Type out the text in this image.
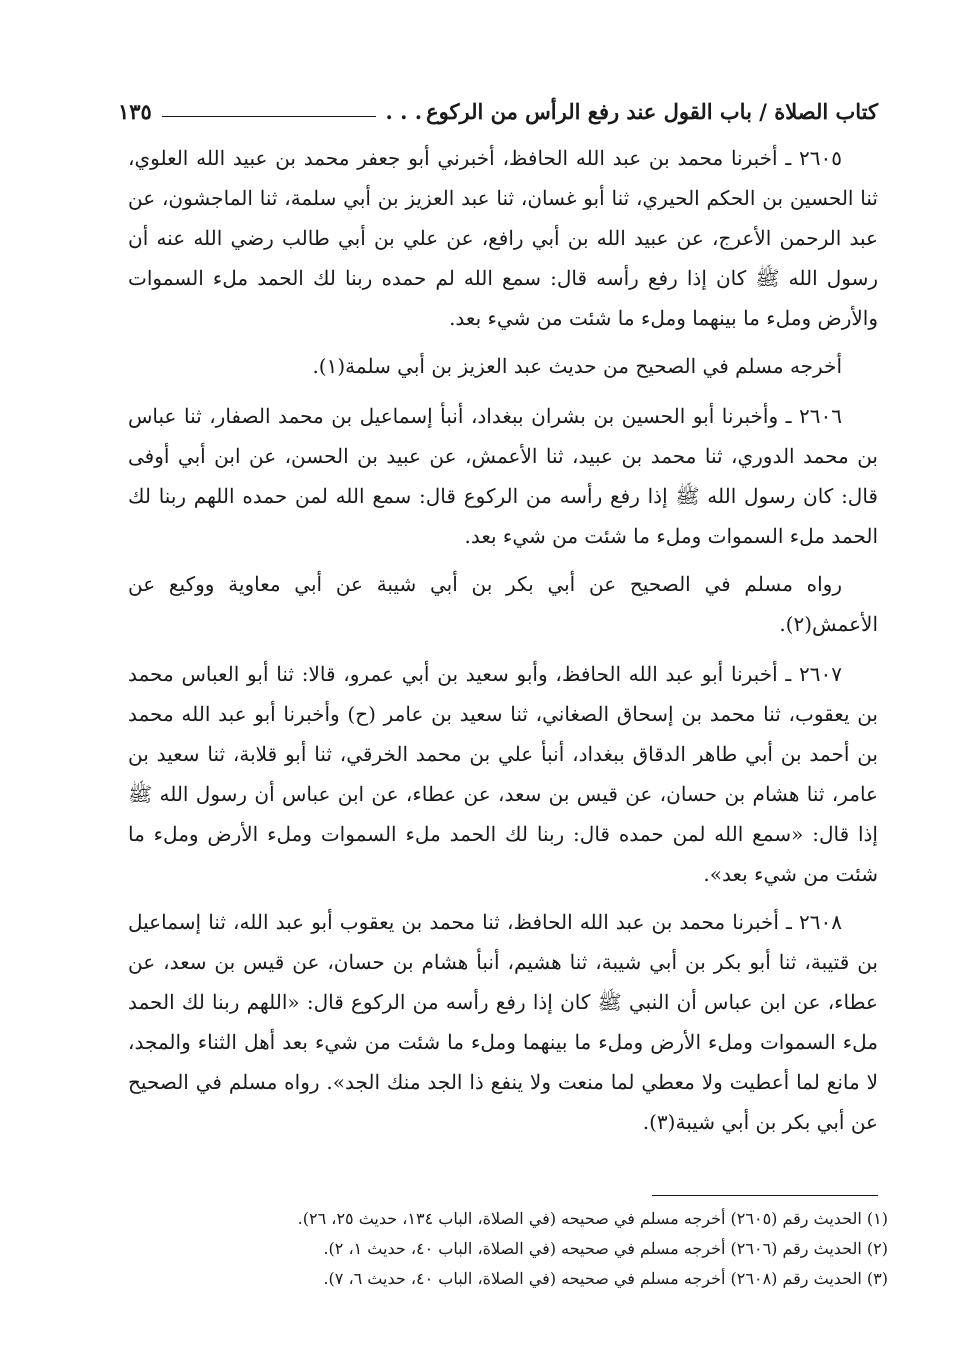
كتاب الصلاة / باب القول عند رفع الرأس من الركوع
. . .
١٣٥

٢٦٠٥ ـ أخبرنا محمد بن عبد الله الحافظ، أخبرني أبو جعفر محمد بن عبيد الله العلوي، ثنا الحسين بن الحكم الحيري، ثنا أبو غسان، ثنا عبد العزيز بن أبي سلمة، ثنا الماجشون، عن عبد الرحمن الأعرج، عن عبيد الله بن أبي رافع، عن علي بن أبي طالب رضي الله عنه أن رسول الله ﷺ كان إذا رفع رأسه قال: سمع الله لم حمده ربنا لك الحمد ملء السموات والأرض وملء ما بينهما وملء ما شئت من شيء بعد.

أخرجه مسلم في الصحيح من حديث عبد العزيز بن أبي سلمة(١).

٢٦٠٦ ـ وأخبرنا أبو الحسين بن بشران ببغداد، أنبأ إسماعيل بن محمد الصفار، ثنا عباس بن محمد الدوري، ثنا محمد بن عبيد، ثنا الأعمش، عن عبيد بن الحسن، عن ابن أبي أوفى قال: كان رسول الله ﷺ إذا رفع رأسه من الركوع قال: سمع الله لمن حمده اللهم ربنا لك الحمد ملء السموات وملء ما شئت من شيء بعد.

رواه مسلم في الصحيح عن أبي بكر بن أبي شيبة عن أبي معاوية ووكيع عن الأعمش(٢).

٢٦٠٧ ـ أخبرنا أبو عبد الله الحافظ، وأبو سعيد بن أبي عمرو، قالا: ثنا أبو العباس محمد بن يعقوب، ثنا محمد بن إسحاق الصغاني، ثنا سعيد بن عامر (ح) وأخبرنا أبو عبد الله محمد بن أحمد بن أبي طاهر الدقاق ببغداد، أنبأ علي بن محمد الخرقي، ثنا أبو قلابة، ثنا سعيد بن عامر، ثنا هشام بن حسان، عن قيس بن سعد، عن عطاء، عن ابن عباس أن رسول الله ﷺ إذا قال: «سمع الله لمن حمده قال: ربنا لك الحمد ملء السموات وملء الأرض وملء ما شئت من شيء بعد».

٢٦٠٨ ـ أخبرنا محمد بن عبد الله الحافظ، ثنا محمد بن يعقوب أبو عبد الله، ثنا إسماعيل بن قتيبة، ثنا أبو بكر بن أبي شيبة، ثنا هشيم، أنبأ هشام بن حسان، عن قيس بن سعد، عن عطاء، عن ابن عباس أن النبي ﷺ كان إذا رفع رأسه من الركوع قال: «اللهم ربنا لك الحمد ملء السموات وملء الأرض وملء ما بينهما وملء ما شئت من شيء بعد أهل الثناء والمجد، لا مانع لما أعطيت ولا معطي لما منعت ولا ينفع ذا الجد منك الجد». رواه مسلم في الصحيح عن أبي بكر بن أبي شيبة(٣).

(١) الحديث رقم (٢٦٠٥) أخرجه مسلم في صحيحه (في الصلاة، الباب ١٣٤، حديث ٢٥، ٢٦).
(٢) الحديث رقم (٢٦٠٦) أخرجه مسلم في صحيحه (في الصلاة، الباب ٤٠، حديث ١، ٢).
(٣) الحديث رقم (٢٦٠٨) أخرجه مسلم في صحيحه (في الصلاة، الباب ٤٠، حديث ٦، ٧).
